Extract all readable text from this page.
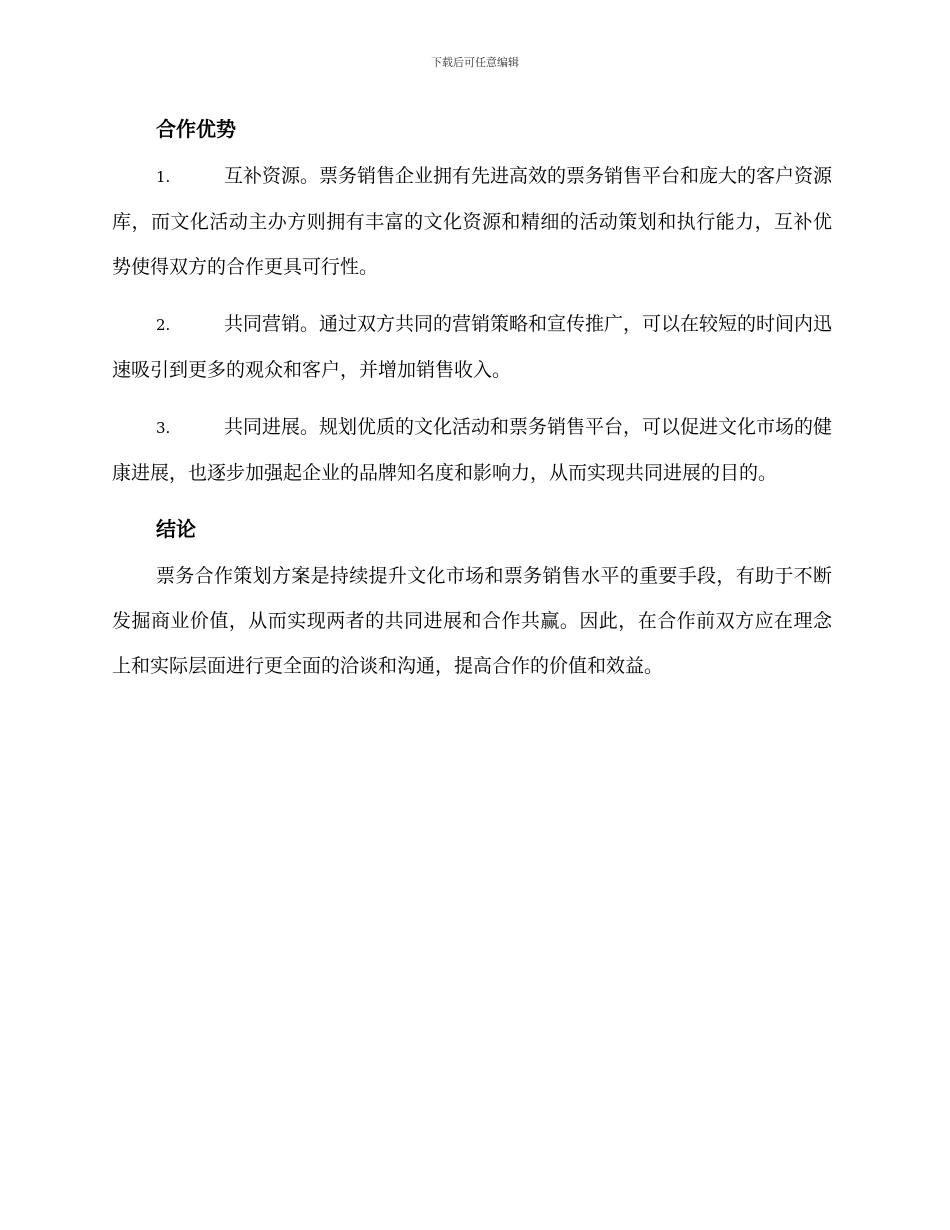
下载后可任意编辑
合作优势

1.	互补资源。票务销售企业拥有先进高效的票务销售平台和庞大的客户资源库，而文化活动主办方则拥有丰富的文化资源和精细的活动策划和执行能力，互补优势使得双方的合作更具可行性。

2.	共同营销。通过双方共同的营销策略和宣传推广，可以在较短的时间内迅速吸引到更多的观众和客户，并增加销售收入。

3.	共同进展。规划优质的文化活动和票务销售平台，可以促进文化市场的健康进展，也逐步加强起企业的品牌知名度和影响力，从而实现共同进展的目的。

结论

票务合作策划方案是持续提升文化市场和票务销售水平的重要手段，有助于不断发掘商业价值，从而实现两者的共同进展和合作共赢。因此，在合作前双方应在理念上和实际层面进行更全面的洽谈和沟通，提高合作的价值和效益。
